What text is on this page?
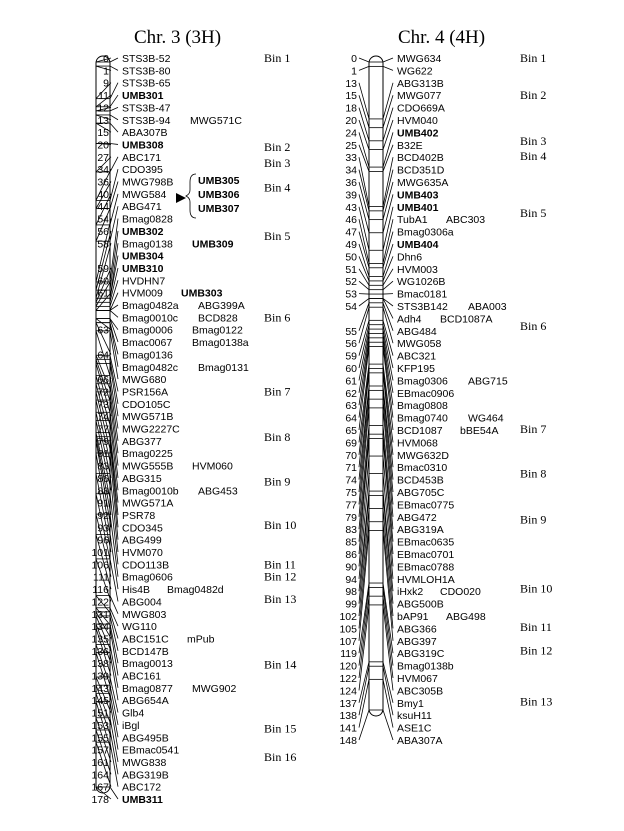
Chr. 3 (3H)	Chr. 4 (4H)
0 STS3B-52
1 STS3B-80
9 STS3B-65
11 UMB301
12 STS3B-47
13 STS3B-94 MWG571C
15 ABA307B
20 UMB308
27 ABC171
34 CDO395
36 MWG798B
40 MWG584
44 ABG471
54 Bmag0828
56 UMB302
58 Bmag0138 UMB309
UMB304
59 UMB310
60 HVDHN7
61 HVM009 UMB303
Bmag0482a ABG399A
Bmag0010c BCD828
63 Bmag0006 Bmag0122
Bmac0067 Bmag0138a
64 Bmag0136
Bmag0482c Bmag0131
66 MWG680
72 PSR156A
73 CDO105C
74 MWG571B
77 MWG2227C
79 ABG377
81 Bmag0225
83 MWG555B HVM060
86 ABG315
88 Bmag0010b ABG453
91 MWG571A
92 PSR78
93 CDO345
96 ABG499
101 HVM070
106 CDO113B
111 Bmag0606
116 His4B Bmag0482d
122 ABG004
131 MWG803
134 WG110
135 ABC151C mPub
136 BCD147B
138 Bmag0013
139 ABC161
143 Bmag0877 MWG902
145 ABG654A
151 Glb4
153 iBgl
155 ABG495B
157 EBmac0541
161 MWG838
164 ABG319B
167 ABC172
178 UMB311
Bin 1
Bin 2
Bin 3
Bin 4
Bin 5
Bin 6
Bin 7
Bin 8
Bin 9
Bin 10
Bin 11
Bin 12
Bin 13
Bin 14
Bin 15
Bin 16
UMB305
UMB306
UMB307
0	MWG634
1	WG622
13	ABG313B
15	MWG077
18	CDO669A
20	HVM040
24	UMB402
25	B32E
33	BCD402B
34	BCD351D
36	MWG635A
39	UMB403
43	UMB401
46	TubA1 ABC303
47	Bmag0306a
49	UMB404
50	Dhn6
51	HVM003
52	WG1026B
53	Bmac0181
54	STS3B142 ABA003
Adh4 BCD1087A
55	ABG484
56	MWG058
59	ABC321
60	KFP195
61	Bmag0306 ABG715
62	EBmac0906
63	Bmag0808
64	Bmag0740 WG464
65	BCD1087 bBE54A
69	HVM068
70	MWG632D
71	Bmac0310
74	BCD453B
75	ABG705C
77	EBmac0775
79	ABG472
83	ABG319A
85	EBmac0635
86	EBmac0701
90	EBmac0788
94	HVMLOH1A
98	iHxk2 CDO020
99	ABG500B
102	bAP91 ABG498
105	ABG366
107	ABG397
119	ABG319C
120	Bmag0138b
122	HVM067
124	ABC305B
137	Bmy1
138	ksuH11
141	ASE1C
148	ABA307A
Bin 1
Bin 2
Bin 3
Bin 4
Bin 5
Bin 6
Bin 7
Bin 8
Bin 9
Bin 10
Bin 11
Bin 12
Bin 13
